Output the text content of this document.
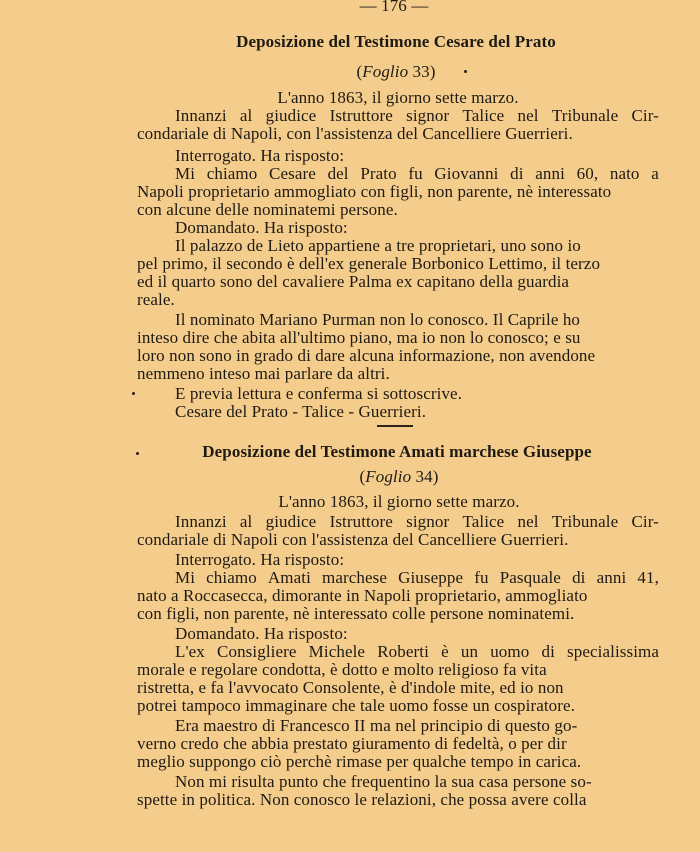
— 176 —
Deposizione del Testimone Cesare del Prato
(Foglio 33)
L'anno 1863, il giorno sette marzo.
Innanzi al giudice Istruttore signor Talice nel Tribunale Cir-
condariale di Napoli, con l'assistenza del Cancelliere Guerrieri.
Interrogato. Ha risposto:
Mi chiamo Cesare del Prato fu Giovanni di anni 60, nato a
Napoli proprietario ammogliato con figli, non parente, nè interessato
con alcune delle nominatemi persone.
Domandato. Ha risposto:
Il palazzo de Lieto appartiene a tre proprietari, uno sono io
pel primo, il secondo è dell'ex generale Borbonico Lettimo, il terzo
ed il quarto sono del cavaliere Palma ex capitano della guardia
reale.
Il nominato Mariano Purman non lo conosco. Il Caprile ho
inteso dire che abita all'ultimo piano, ma io non lo conosco; e su
loro non sono in grado di dare alcuna informazione, non avendone
nemmeno inteso mai parlare da altri.
E previa lettura e conferma si sottoscrive.
Cesare del Prato - Talice - Guerrieri.
Deposizione del Testimone Amati marchese Giuseppe
(Foglio 34)
L'anno 1863, il giorno sette marzo.
Innanzi al giudice Istruttore signor Talice nel Tribunale Cir-
condariale di Napoli con l'assistenza del Cancelliere Guerrieri.
Interrogato. Ha risposto:
Mi chiamo Amati marchese Giuseppe fu Pasquale di anni 41,
nato a Roccasecca, dimorante in Napoli proprietario, ammogliato
con figli, non parente, nè interessato colle persone nominatemi.
Domandato. Ha risposto:
L'ex Consigliere Michele Roberti è un uomo di specialissima
morale e regolare condotta, è dotto e molto religioso fa vita
ristretta, e fa l'avvocato Consolente, è d'indole mite, ed io non
potrei tampoco immaginare che tale uomo fosse un cospiratore.
Era maestro di Francesco II ma nel principio di questo go-
verno credo che abbia prestato giuramento di fedeltà, o per dir
meglio suppongo ciò perchè rimase per qualche tempo in carica.
Non mi risulta punto che frequentino la sua casa persone so-
spette in politica. Non conosco le relazioni, che possa avere colla
